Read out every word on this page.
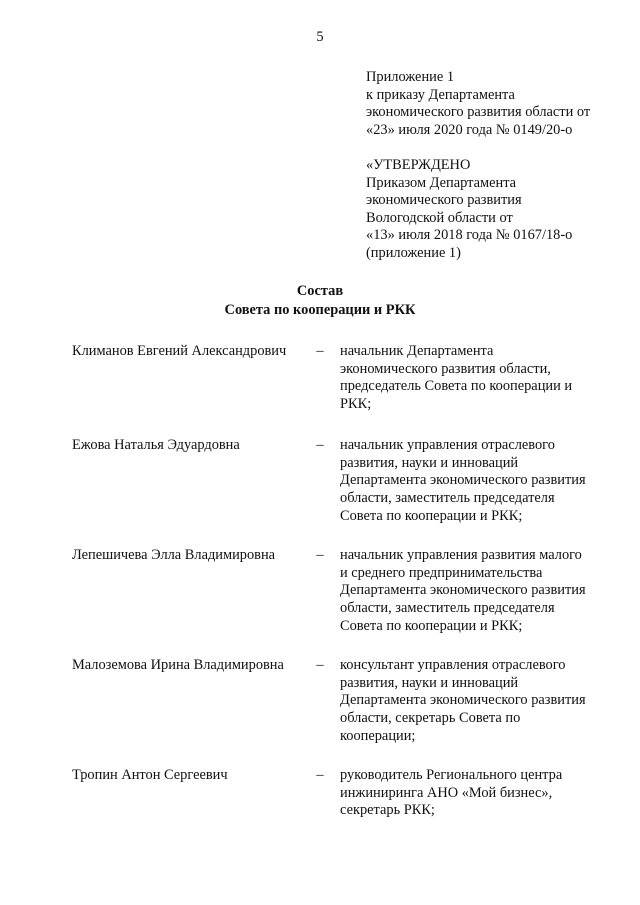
5
Приложение 1
к приказу Департамента
экономического развития области от
«23» июля 2020 года № 0149/20-о
«УТВЕРЖДЕНО
Приказом Департамента
экономического развития
Вологодской области от
«13» июля 2018 года № 0167/18-о
(приложение 1)
Состав
Совета по кооперации и РКК
Климанов Евгений Александрович	– начальник Департамента
экономического развития области,
председатель Совета по кооперации и
РКК;
Ежова Наталья Эдуардовна	– начальник управления отраслевого
развития, науки и инноваций
Департамента экономического развития
области, заместитель председателя
Совета по кооперации и РКК;
Лепешичева Элла Владимировна	– начальник управления развития малого
и среднего предпринимательства
Департамента экономического развития
области, заместитель председателя
Совета по кооперации и РКК;
Малоземова Ирина Владимировна	– консультант управления отраслевого
развития, науки и инноваций
Департамента экономического развития
области, секретарь Совета по
кооперации;
Тропин Антон Сергеевич	– руководитель Регионального центра
инжиниринга АНО «Мой бизнес»,
секретарь РКК;
